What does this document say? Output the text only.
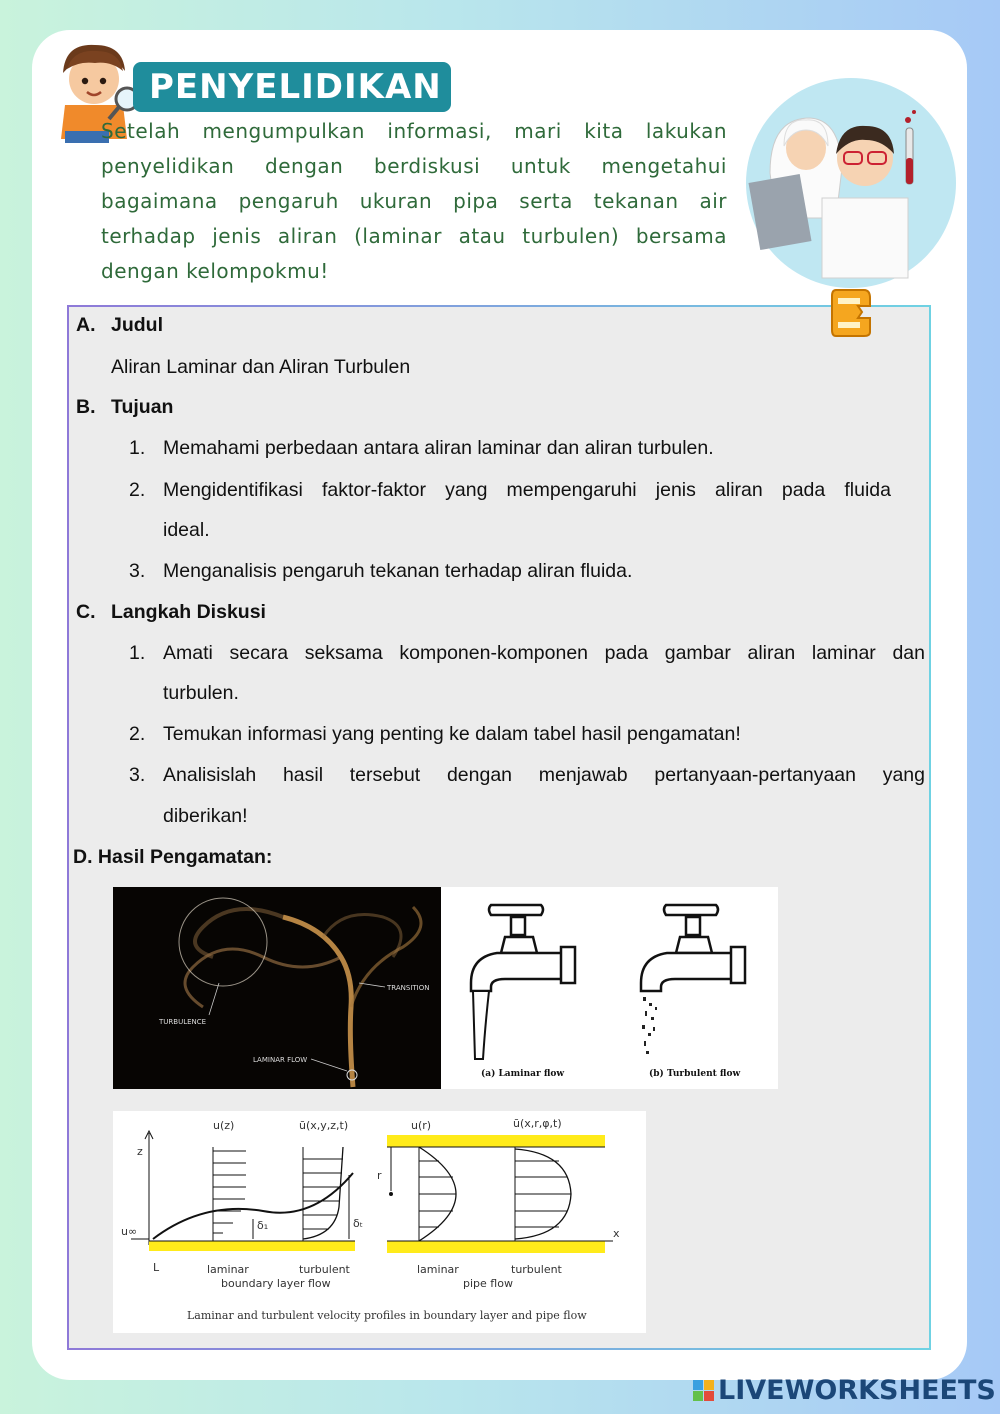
PENYELIDIKAN
Setelah mengumpulkan informasi, mari kita lakukan penyelidikan dengan berdiskusi untuk mengetahui bagaimana pengaruh ukuran pipa serta tekanan air terhadap jenis aliran (laminar atau turbulen) bersama dengan kelompokmu!
A. Judul
Aliran Laminar dan Aliran Turbulen
B. Tujuan
1. Memahami perbedaan antara aliran laminar dan aliran turbulen.
2. Mengidentifikasi faktor-faktor yang mempengaruhi jenis aliran pada fluida
ideal.
3. Menganalisis pengaruh tekanan terhadap aliran fluida.
C. Langkah Diskusi
1. Amati secara seksama komponen-komponen pada gambar aliran laminar dan
turbulen.
2. Temukan informasi yang penting ke dalam tabel hasil pengamatan!
3. Analisislah hasil tersebut dengan menjawab pertanyaan-pertanyaan yang
diberikan!
D. Hasil Pengamatan:
TRANSITION
TURBULENCE
LAMINAR FLOW
(a) Laminar flow	(b) Turbulent flow
u(z)	ū(x,y,z,t)
z
u∞
L
δ₁	δₜ
laminar	turbulent
boundary layer flow
u(r)	ū(x,r,φ,t)
r
x
laminar	turbulent
pipe flow
Laminar and turbulent velocity profiles in boundary layer and pipe flow
LIVEWORKSHEETS
